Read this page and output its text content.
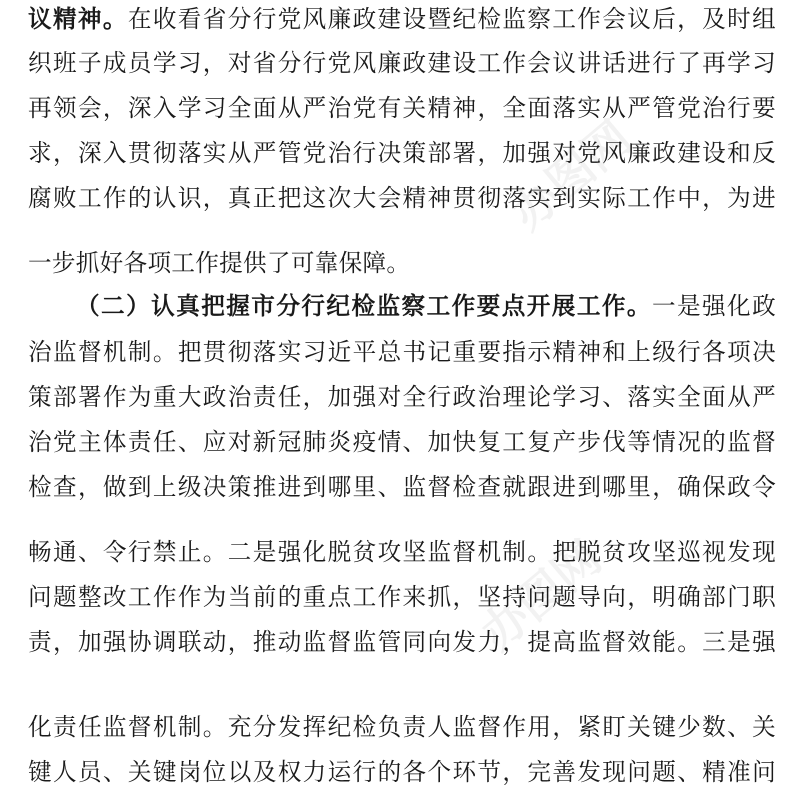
办图网
办图网
议精神。在收看省分行党风廉政建设暨纪检监察工作会议后，及时组
织班子成员学习，对省分行党风廉政建设工作会议讲话进行了再学习
再领会，深入学习全面从严治党有关精神，全面落实从严管党治行要
求，深入贯彻落实从严管党治行决策部署，加强对党风廉政建设和反
腐败工作的认识，真正把这次大会精神贯彻落实到实际工作中，为进
一步抓好各项工作提供了可靠保障。
（二）认真把握市分行纪检监察工作要点开展工作。一是强化政
治监督机制。把贯彻落实习近平总书记重要指示精神和上级行各项决
策部署作为重大政治责任，加强对全行政治理论学习、落实全面从严
治党主体责任、应对新冠肺炎疫情、加快复工复产步伐等情况的监督
检查，做到上级决策推进到哪里、监督检查就跟进到哪里，确保政令
畅通、令行禁止。二是强化脱贫攻坚监督机制。把脱贫攻坚巡视发现
问题整改工作作为当前的重点工作来抓，坚持问题导向，明确部门职
责，加强协调联动，推动监督监管同向发力，提高监督效能。三是强
化责任监督机制。充分发挥纪检负责人监督作用，紧盯关键少数、关
键人员、关键岗位以及权力运行的各个环节，完善发现问题、精准问
